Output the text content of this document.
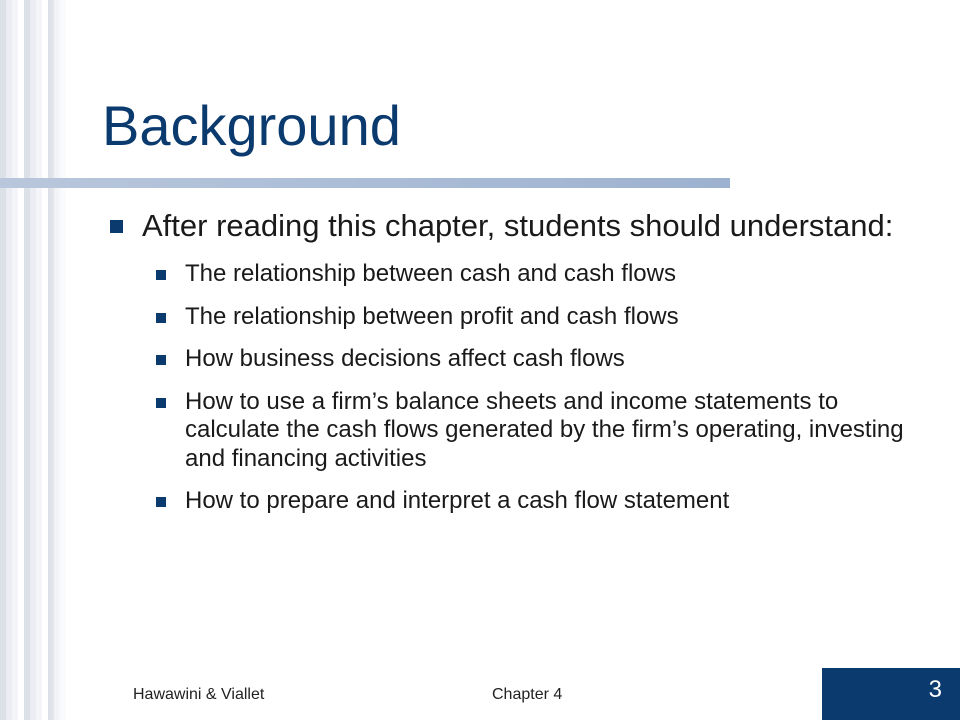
Background
After reading this chapter, students should understand:
The relationship between cash and cash flows
The relationship between profit and cash flows
How business decisions affect cash flows
How to use a firm’s balance sheets and income statements to calculate the cash flows generated by the firm’s operating, investing and financing activities
How to prepare and interpret a cash flow statement
Hawawini & Viallet	Chapter 4	3
